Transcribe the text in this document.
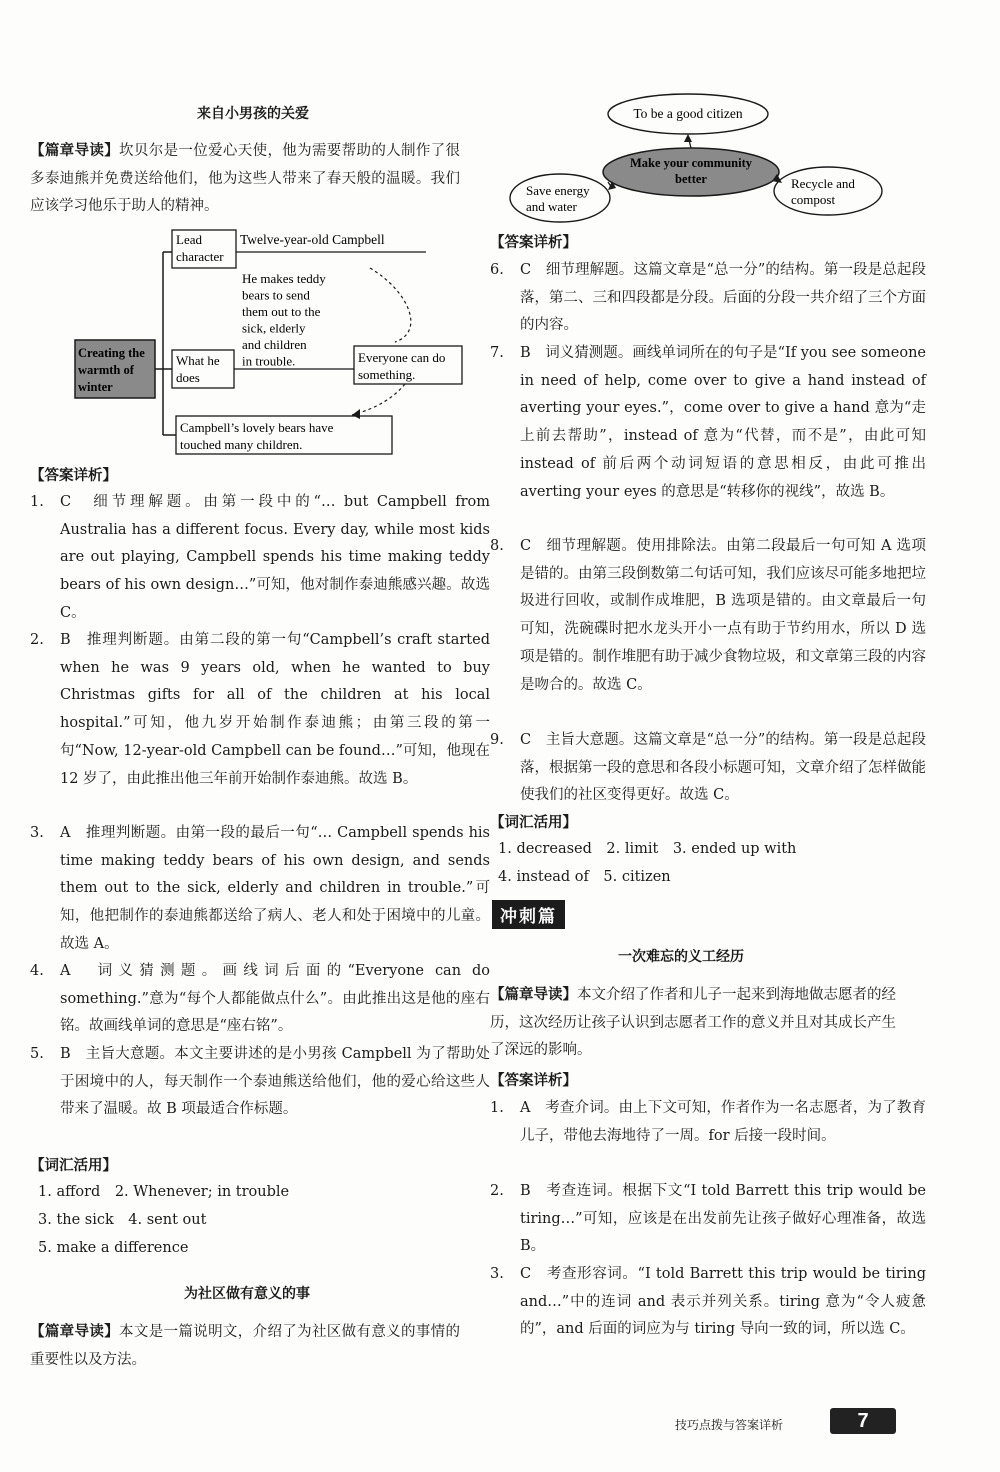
来自小男孩的关爱
【篇章导读】坎贝尔是一位爱心天使，他为需要帮助的人制作了很多泰迪熊并免费送给他们，他为这些人带来了春天般的温暖。我们应该学习他乐于助人的精神。
Creating the warmth of winter
Lead character
Twelve-year-old Campbell
What he does
He makes teddy bears to send them out to the sick, elderly and children in trouble.	Everyone can do something.
Campbell’s lovely bears have touched many children.
【答案详析】
1. C　细节理解题。由第一段中的“… but Campbell from Australia has a different focus. Every day, while most kids are out playing, Campbell spends his time making teddy bears of his own design…”可知，他对制作泰迪熊感兴趣。故选 C。
2. B　推理判断题。由第二段的第一句“Campbell’s craft started when he was 9 years old, when he wanted to buy Christmas gifts for all of the children at his local hospital.”可知，他九岁开始制作泰迪熊；由第三段的第一句“Now, 12-year-old Campbell can be found…”可知，他现在 12 岁了，由此推出他三年前开始制作泰迪熊。故选 B。
3. A　推理判断题。由第一段的最后一句“… Campbell spends his time making teddy bears of his own design, and sends them out to the sick, elderly and children in trouble.”可知，他把制作的泰迪熊都送给了病人、老人和处于困境中的儿童。故选 A。
4. A　词义猜测题。画线词后面的“Everyone can do something.”意为“每个人都能做点什么”。由此推出这是他的座右铭。故画线单词的意思是“座右铭”。
5. B　主旨大意题。本文主要讲述的是小男孩 Campbell 为了帮助处于困境中的人，每天制作一个泰迪熊送给他们，他的爱心给这些人带来了温暖。故 B 项最适合作标题。
【词汇活用】
1. afford　2. Whenever; in trouble
3. the sick　4. sent out
5. make a difference
为社区做有意义的事
【篇章导读】本文是一篇说明文，介绍了为社区做有意义的事情的重要性以及方法。
To be a good citizen
Make your community better
Save energy and water
Recycle and compost
【答案详析】
6. C　细节理解题。这篇文章是“总一分”的结构。第一段是总起段落，第二、三和四段都是分段。后面的分段一共介绍了三个方面的内容。
7. B　词义猜测题。画线单词所在的句子是“If you see someone in need of help, come over to give a hand instead of averting your eyes.”，come over to give a hand 意为“走上前去帮助”，instead of 意为“代替，而不是”，由此可知 instead of 前后两个动词短语的意思相反，由此可推出 averting your eyes 的意思是“转移你的视线”，故选 B。
8. C　细节理解题。使用排除法。由第二段最后一句可知 A 选项是错的。由第三段倒数第二句话可知，我们应该尽可能多地把垃圾进行回收，或制作成堆肥，B 选项是错的。由文章最后一句可知，洗碗碟时把水龙头开小一点有助于节约用水，所以 D 选项是错的。制作堆肥有助于减少食物垃圾，和文章第三段的内容是吻合的。故选 C。
9. C　主旨大意题。这篇文章是“总一分”的结构。第一段是总起段落，根据第一段的意思和各段小标题可知，文章介绍了怎样做能使我们的社区变得更好。故选 C。
【词汇活用】
1. decreased　2. limit　3. ended up with
4. instead of　5. citizen
冲刺篇
一次难忘的义工经历
【篇章导读】本文介绍了作者和儿子一起来到海地做志愿者的经历，这次经历让孩子认识到志愿者工作的意义并且对其成长产生了深远的影响。
【答案详析】
1. A　考查介词。由上下文可知，作者作为一名志愿者，为了教育儿子，带他去海地待了一周。for 后接一段时间。
2. B　考查连词。根据下文“I told Barrett this trip would be tiring…”可知，应该是在出发前先让孩子做好心理准备，故选 B。
3. C　考查形容词。“I told Barrett this trip would be tiring and…”中的连词 and 表示并列关系。tiring 意为“令人疲惫的”，and 后面的词应为与 tiring 导向一致的词，所以选 C。
技巧点拨与答案详析	7
